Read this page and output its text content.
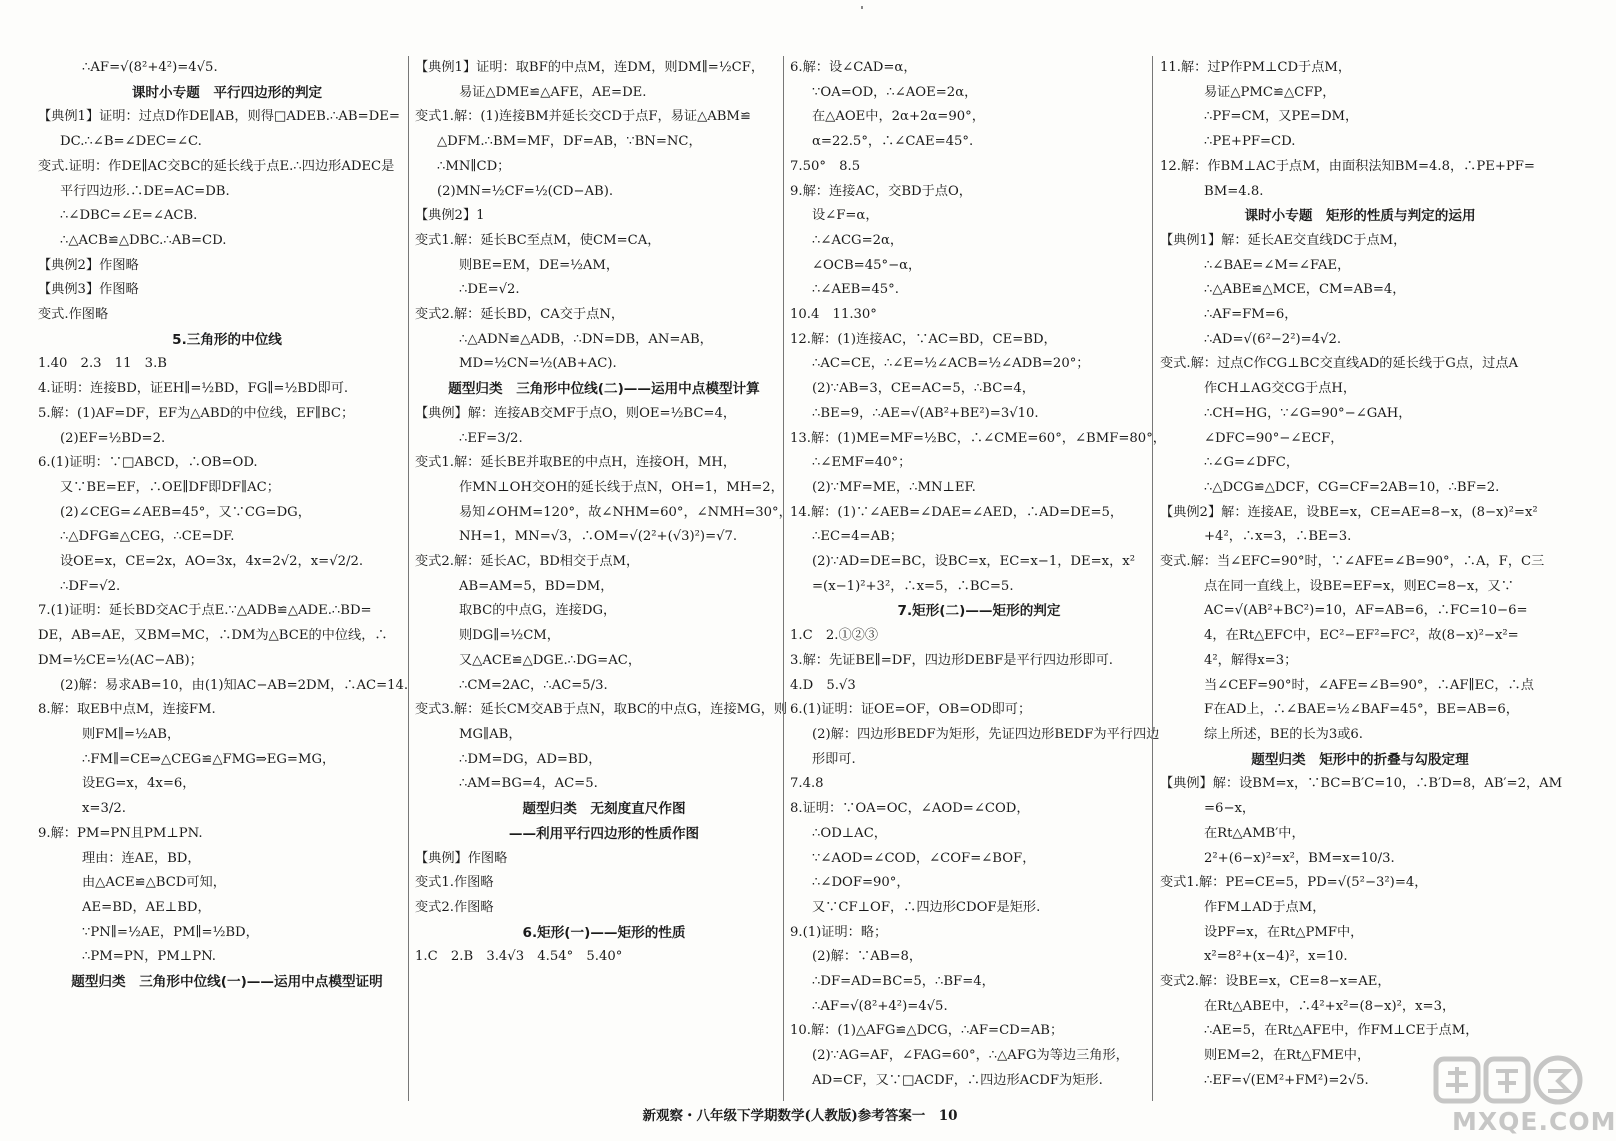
∴AF=√(8²+4²)=4√5.
课时小专题　平行四边形的判定
【典例1】证明：过点D作DE∥AB，则得□ADEB.∴AB=DE=
DC.∴∠B=∠DEC=∠C.
变式.证明：作DE∥AC交BC的延长线于点E.∴四边形ADEC是
平行四边形.∴DE=AC=DB.
∴∠DBC=∠E=∠ACB.
∴△ACB≌△DBC.∴AB=CD.
【典例2】作图略
【典例3】作图略
变式.作图略
5.三角形的中位线
1.40　2.3　11　3.B
4.证明：连接BD，证EH∥=½BD，FG∥=½BD即可.
5.解：(1)AF=DF，EF为△ABD的中位线，EF∥BC；
(2)EF=½BD=2.
6.(1)证明：∵□ABCD，∴OB=OD.
又∵BE=EF，∴OE∥DF即DF∥AC；
(2)∠CEG=∠AEB=45°，又∵CG=DG，
∴△DFG≌△CEG，∴CE=DF.
设OE=x，CE=2x，AO=3x，4x=2√2，x=√2/2.
∴DF=√2.
7.(1)证明：延长BD交AC于点E.∵△ADB≌△ADE.∴BD=
DE，AB=AE，又BM=MC，∴DM为△BCE的中位线，∴
DM=½CE=½(AC−AB)；
(2)解：易求AB=10，由(1)知AC−AB=2DM，∴AC=14.
8.解：取EB中点M，连接FM.
则FM∥=½AB，
∴FM∥=CE⇒△CEG≌△FMG⇒EG=MG，
设EG=x，4x=6，
x=3/2.
9.解：PM=PN且PM⊥PN.
理由：连AE，BD，
由△ACE≌△BCD可知，
AE=BD，AE⊥BD，
∵PN∥=½AE，PM∥=½BD，
∴PM=PN，PM⊥PN.
题型归类　三角形中位线(一)——运用中点模型证明
【典例1】证明：取BF的中点M，连DM，则DM∥=½CF，
易证△DME≌△AFE，AE=DE.
变式1.解：(1)连接BM并延长交CD于点F，易证△ABM≌
△DFM.∴BM=MF，DF=AB，∵BN=NC，
∴MN∥CD；
(2)MN=½CF=½(CD−AB).
【典例2】1
变式1.解：延长BC至点M，使CM=CA，
则BE=EM，DE=½AM，
∴DE=√2.
变式2.解：延长BD，CA交于点N，
∴△ADN≌△ADB，∴DN=DB，AN=AB，
MD=½CN=½(AB+AC).
题型归类　三角形中位线(二)——运用中点模型计算
【典例】解：连接AB交MF于点O，则OE=½BC=4，
∴EF=3/2.
变式1.解：延长BE并取BE的中点H，连接OH，MH，
作MN⊥OH交OH的延长线于点N，OH=1，MH=2，
易知∠OHM=120°，故∠NHM=60°，∠NMH=30°，
NH=1，MN=√3，∴OM=√(2²+(√3)²)=√7.
变式2.解：延长AC，BD相交于点M，
AB=AM=5，BD=DM，
取BC的中点G，连接DG，
则DG∥=½CM，
又△ACE≌△DGE.∴DG=AC，
∴CM=2AC，∴AC=5/3.
变式3.解：延长CM交AB于点N，取BC的中点G，连接MG，则
MG∥AB，
∴DM=DG，AD=BD，
∴AM=BG=4，AC=5.
题型归类　无刻度直尺作图
——利用平行四边形的性质作图
【典例】作图略
变式1.作图略
变式2.作图略
6.矩形(一)——矩形的性质
1.C　2.B　3.4√3　4.54°　5.40°
6.解：设∠CAD=α，
∵OA=OD，∴∠AOE=2α，
在△AOE中，2α+2α=90°，
α=22.5°，∴∠CAE=45°.
7.50°　8.5
9.解：连接AC，交BD于点O，
设∠F=α，
∴∠ACG=2α，
∠OCB=45°−α，
∴∠AEB=45°.
10.4　11.30°
12.解：(1)连接AC，∵AC=BD，CE=BD，
∴AC=CE，∴∠E=½∠ACB=½∠ADB=20°；
(2)∵AB=3，CE=AC=5，∴BC=4，
∴BE=9，∴AE=√(AB²+BE²)=3√10.
13.解：(1)ME=MF=½BC，∴∠CME=60°，∠BMF=80°，
∴∠EMF=40°；
(2)∵MF=ME，∴MN⊥EF.
14.解：(1)∵∠AEB=∠DAE=∠AED，∴AD=DE=5，
∴EC=4=AB；
(2)∵AD=DE=BC，设BC=x，EC=x−1，DE=x，x²
=(x−1)²+3²，∴x=5，∴BC=5.
7.矩形(二)——矩形的判定
1.C　2.①②③
3.解：先证BE∥=DF，四边形DEBF是平行四边形即可.
4.D　5.√3
6.(1)证明：证OE=OF，OB=OD即可；
(2)解：四边形BEDF为矩形，先证四边形BEDF为平行四边
形即可.
7.4.8
8.证明：∵OA=OC，∠AOD=∠COD，
∴OD⊥AC，
∵∠AOD=∠COD，∠COF=∠BOF，
∴∠DOF=90°，
又∵CF⊥OF，∴四边形CDOF是矩形.
9.(1)证明：略；
(2)解：∵AB=8，
∴DF=AD=BC=5，∴BF=4，
∴AF=√(8²+4²)=4√5.
10.解：(1)△AFG≌△DCG，∴AF=CD=AB；
(2)∵AG=AF，∠FAG=60°，∴△AFG为等边三角形，
AD=CF，又∵□ACDF，∴四边形ACDF为矩形.
11.解：过P作PM⊥CD于点M，
易证△PMC≌△CFP，
∴PF=CM，又PE=DM，
∴PE+PF=CD.
12.解：作BM⊥AC于点M，由面积法知BM=4.8，∴PE+PF=
BM=4.8.
课时小专题　矩形的性质与判定的运用
【典例1】解：延长AE交直线DC于点M，
∴∠BAE=∠M=∠FAE，
∴△ABE≌△MCE，CM=AB=4，
∴AF=FM=6，
∴AD=√(6²−2²)=4√2.
变式.解：过点C作CG⊥BC交直线AD的延长线于G点，过点A
作CH⊥AG交CG于点H，
∴CH=HG，∵∠G=90°−∠GAH，
∠DFC=90°−∠ECF，
∴∠G=∠DFC，
∴△DCG≌△DCF，CG=CF=2AB=10，∴BF=2.
【典例2】解：连接AE，设BE=x，CE=AE=8−x，(8−x)²=x²
+4²，∴x=3，∴BE=3.
变式.解：当∠EFC=90°时，∵∠AFE=∠B=90°，∴A，F，C三
点在同一直线上，设BE=EF=x，则EC=8−x，又∵
AC=√(AB²+BC²)=10，AF=AB=6，∴FC=10−6=
4，在Rt△EFC中，EC²−EF²=FC²，故(8−x)²−x²=
4²，解得x=3；
当∠CEF=90°时，∠AFE=∠B=90°，∴AF∥EC，∴点
F在AD上，∴∠BAE=½∠BAF=45°，BE=AB=6，
综上所述，BE的长为3或6.
题型归类　矩形中的折叠与勾股定理
【典例】解：设BM=x，∵BC=B′C=10，∴B′D=8，AB′=2，AM
=6−x，
在Rt△AMB′中，
2²+(6−x)²=x²，BM=x=10/3.
变式1.解：PE=CE=5，PD=√(5²−3²)=4，
作FM⊥AD于点M，
设PF=x，在Rt△PMF中，
x²=8²+(x−4)²，x=10.
变式2.解：设BE=x，CE=8−x=AE，
在Rt△ABE中，∴4²+x²=(8−x)²，x=3，
∴AE=5，在Rt△AFE中，作FM⊥CE于点M，
则EM=2，在Rt△FME中，
∴EF=√(EM²+FM²)=2√5.
新观察・八年级下学期数学(人教版)参考答案一　10	MXQE.COM
